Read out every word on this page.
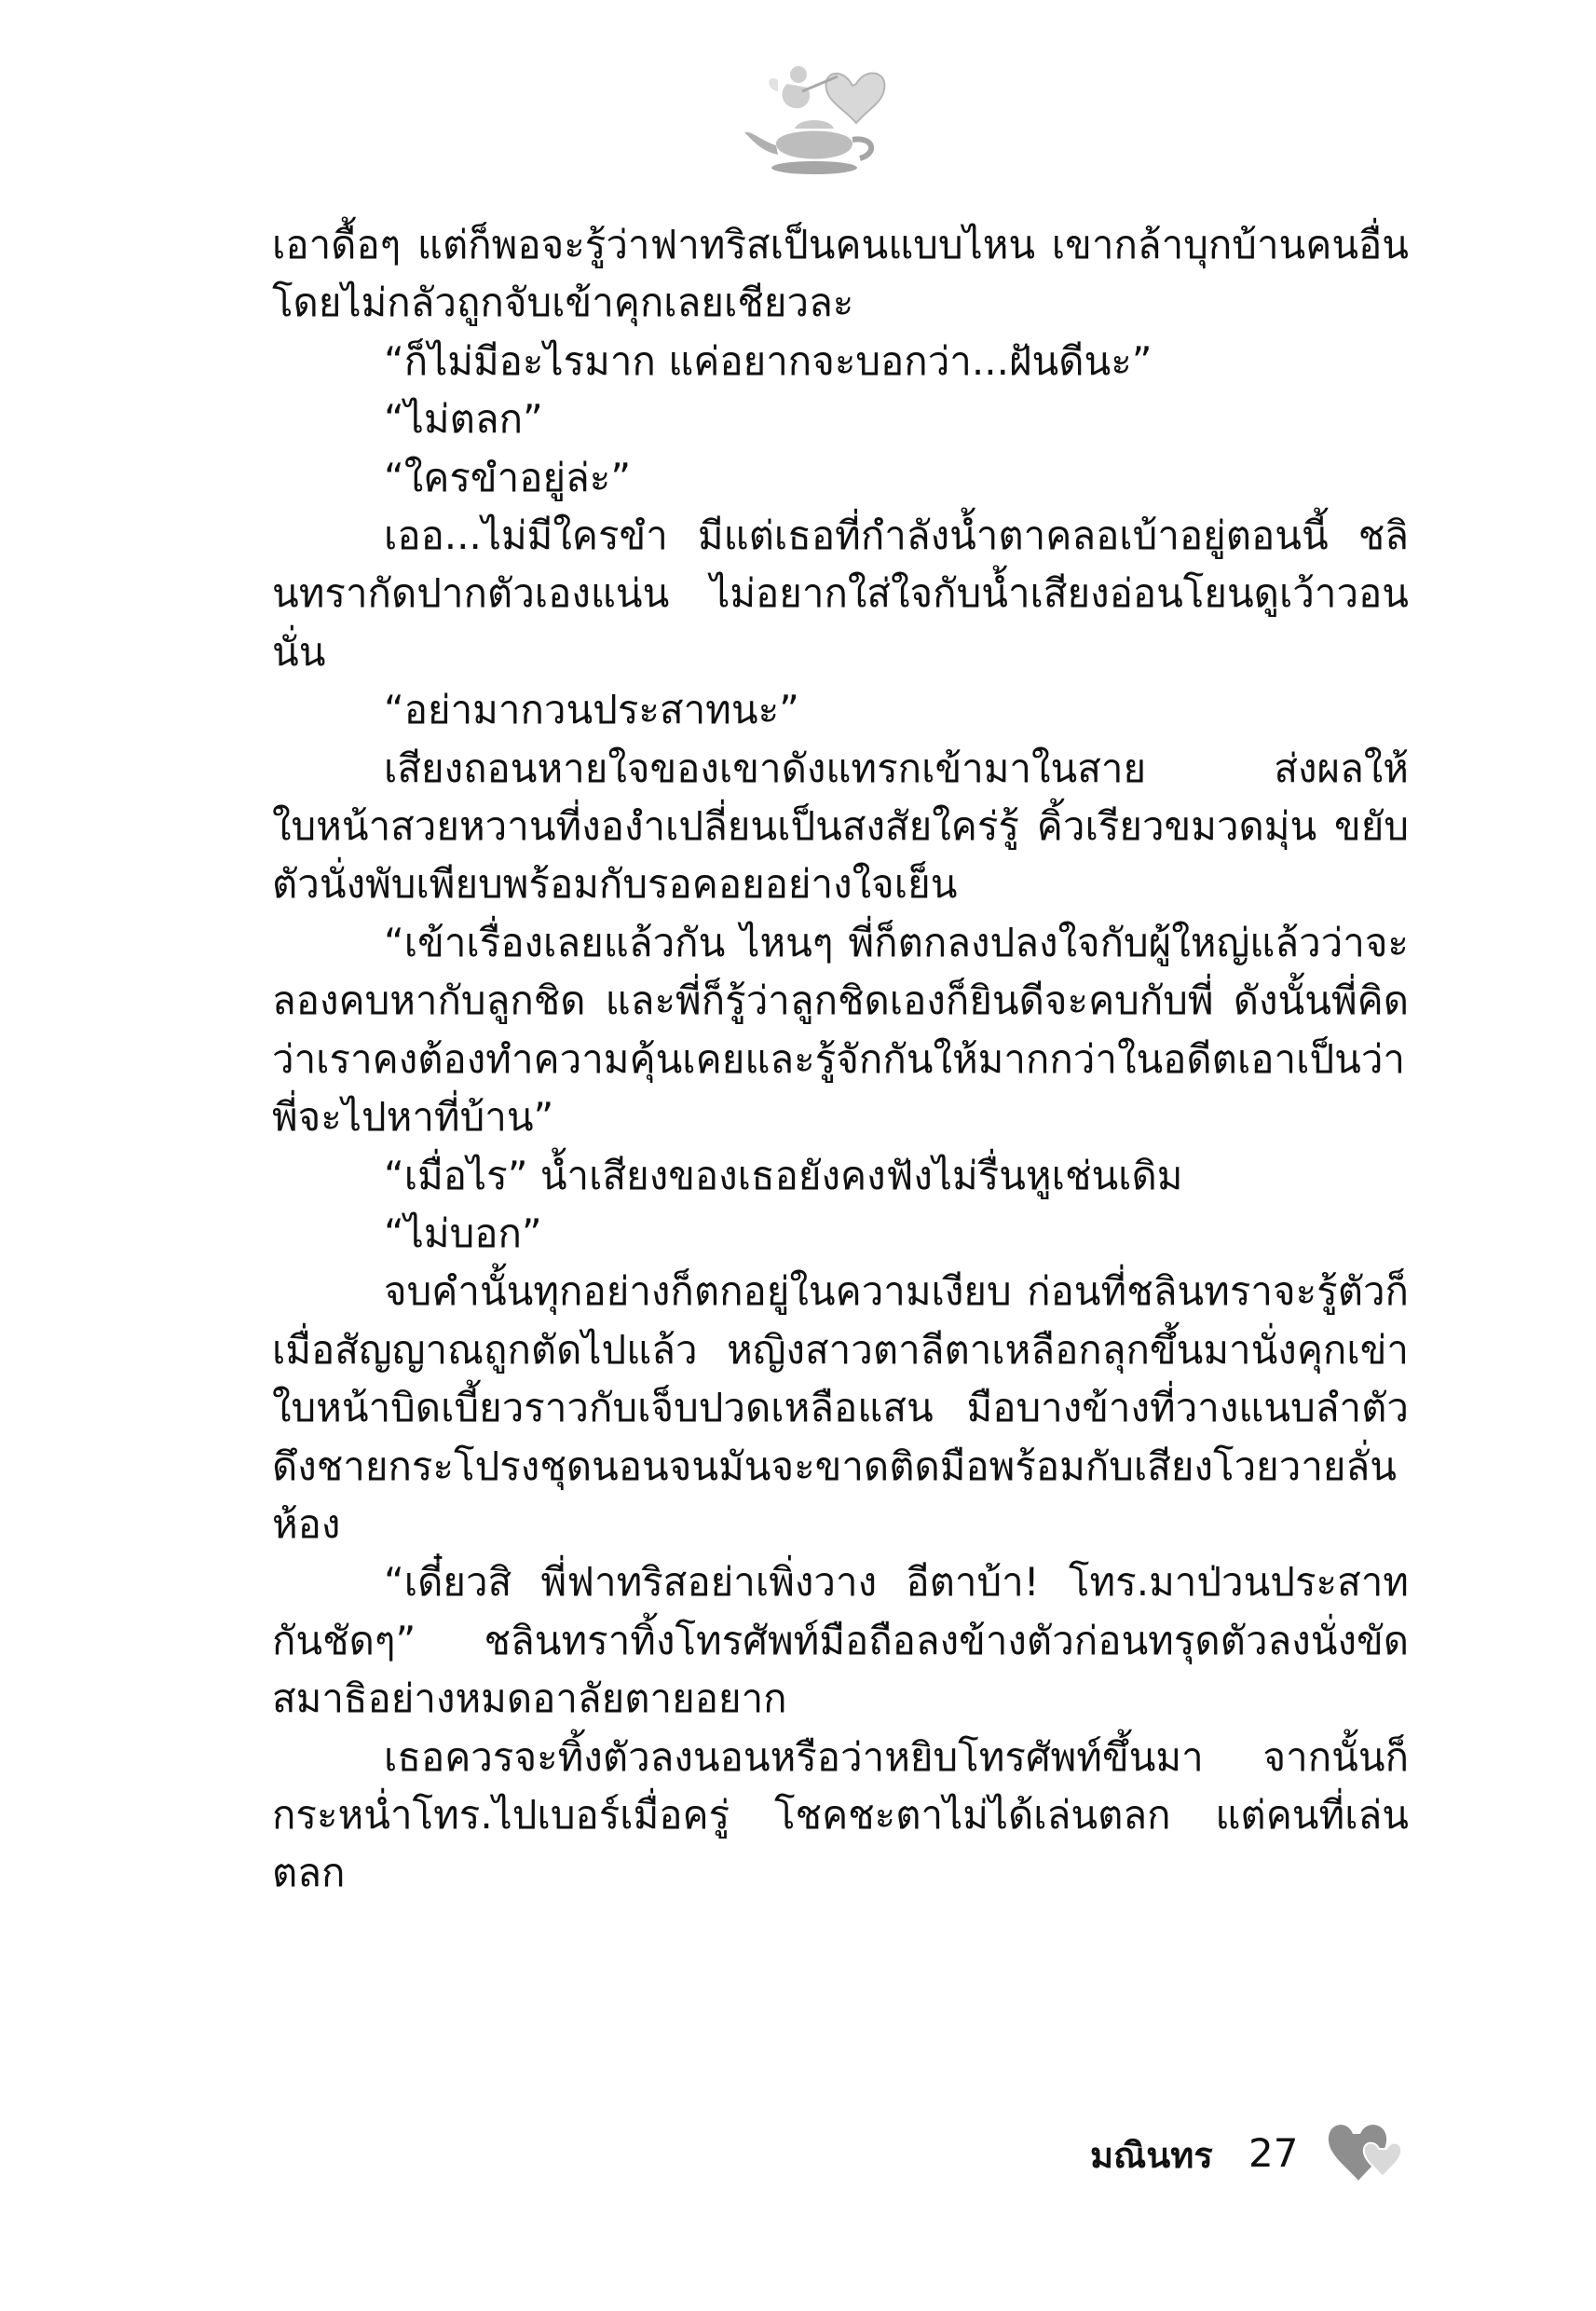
เอาดื้อๆ แต่ก็พอจะรู้ว่าฟาทริสเป็นคนแบบไหน เขากล้าบุกบ้านคนอื่นโดยไม่กลัวถูกจับเข้าคุกเลยเชียวละ

“ก็ไม่มีอะไรมาก แค่อยากจะบอกว่า...ฝันดีนะ”

“ไม่ตลก”

“ใครขำอยู่ล่ะ”

เออ...ไม่มีใครขำ มีแต่เธอที่กำลังน้ำตาคลอเบ้าอยู่ตอนนี้ ชลินทรากัดปากตัวเองแน่น ไม่อยากใส่ใจกับน้ำเสียงอ่อนโยนดูเว้าวอนนั่น

“อย่ามากวนประสาทนะ”

เสียงถอนหายใจของเขาดังแทรกเข้ามาในสาย ส่งผลให้ใบหน้าสวยหวานที่งองำเปลี่ยนเป็นสงสัยใคร่รู้ คิ้วเรียวขมวดมุ่น ขยับตัวนั่งพับเพียบพร้อมกับรอคอยอย่างใจเย็น

“เข้าเรื่องเลยแล้วกัน ไหนๆ พี่ก็ตกลงปลงใจกับผู้ใหญ่แล้วว่าจะลองคบหากับลูกชิด และพี่ก็รู้ว่าลูกชิดเองก็ยินดีจะคบกับพี่ ดังนั้นพี่คิดว่าเราคงต้องทำความคุ้นเคยและรู้จักกันให้มากกว่าในอดีตเอาเป็นว่าพี่จะไปหาที่บ้าน”

“เมื่อไร” น้ำเสียงของเธอยังคงฟังไม่รื่นหูเช่นเดิม

“ไม่บอก”

จบคำนั้นทุกอย่างก็ตกอยู่ในความเงียบ ก่อนที่ชลินทราจะรู้ตัวก็เมื่อสัญญาณถูกตัดไปแล้ว หญิงสาวตาลีตาเหลือกลุกขึ้นมานั่งคุกเข่าใบหน้าบิดเบี้ยวราวกับเจ็บปวดเหลือแสน มือบางข้างที่วางแนบลำตัวดึงชายกระโปรงชุดนอนจนมันจะขาดติดมือพร้อมกับเสียงโวยวายลั่นห้อง

“เดี๋ยวสิ พี่ฟาทริสอย่าเพิ่งวาง อีตาบ้า! โทร.มาป่วนประสาทกันชัดๆ” ชลินทราทิ้งโทรศัพท์มือถือลงข้างตัวก่อนทรุดตัวลงนั่งขัดสมาธิอย่างหมดอาลัยตายอยาก

เธอควรจะทิ้งตัวลงนอนหรือว่าหยิบโทรศัพท์ขึ้นมา จากนั้นก็กระหน่ำโทร.ไปเบอร์เมื่อครู่ โชคชะตาไม่ได้เล่นตลก แต่คนที่เล่นตลก

มณินทร 27
